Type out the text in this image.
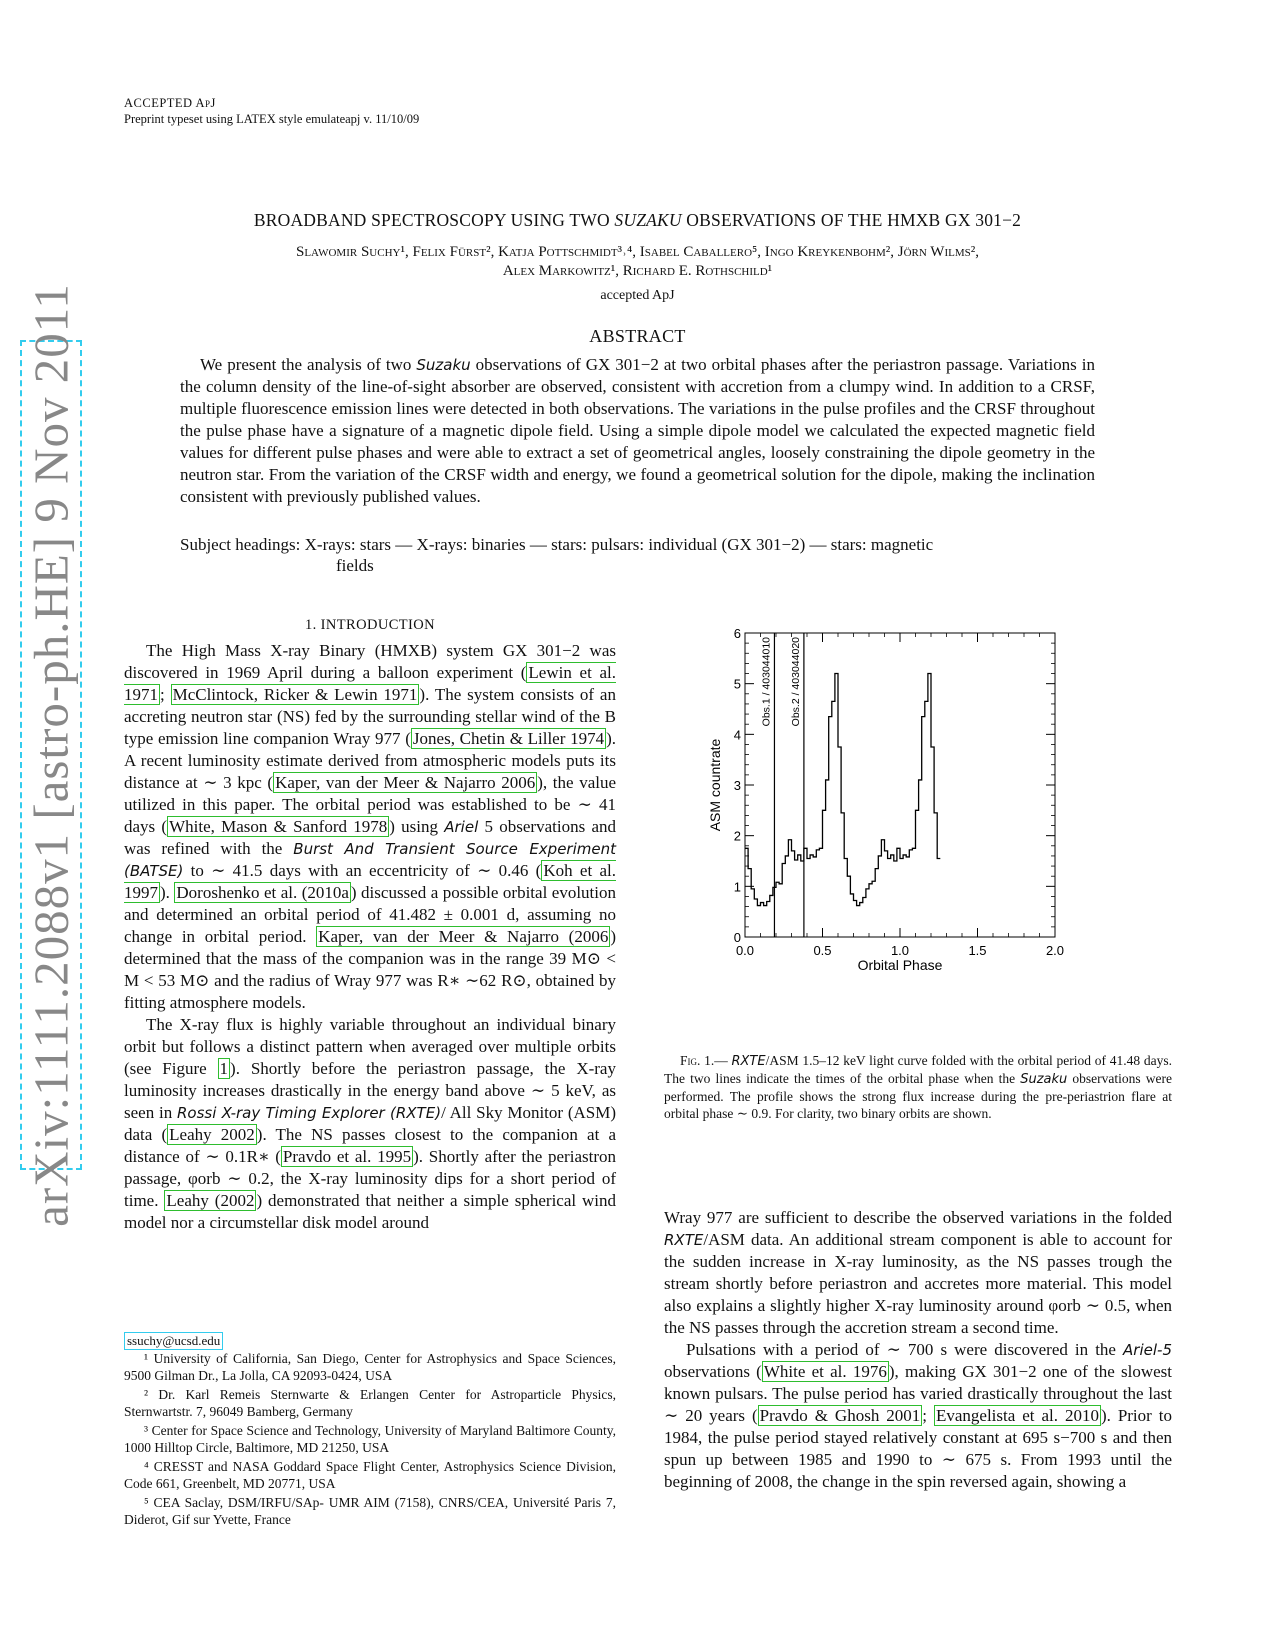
ACCEPTED ApJ
Preprint typeset using LATEX style emulateapj v. 11/10/09
BROADBAND SPECTROSCOPY USING TWO SUZAKU OBSERVATIONS OF THE HMXB GX 301−2
Slawomir Suchy¹, Felix Fürst², Katja Pottschmidt³˒⁴, Isabel Caballero⁵, Ingo Kreykenbohm², Jörn Wilms²,
Alex Markowitz¹, Richard E. Rothschild¹
accepted ApJ
ABSTRACT

We present the analysis of two Suzaku observations of GX 301−2 at two orbital phases after the periastron passage. Variations in the column density of the line-of-sight absorber are observed, consistent with accretion from a clumpy wind. In addition to a CRSF, multiple fluorescence emission lines were detected in both observations. The variations in the pulse profiles and the CRSF throughout the pulse phase have a signature of a magnetic dipole field. Using a simple dipole model we calculated the expected magnetic field values for different pulse phases and were able to extract a set of geometrical angles, loosely constraining the dipole geometry in the neutron star. From the variation of the CRSF width and energy, we found a geometrical solution for the dipole, making the inclination consistent with previously published values.

Subject headings: X-rays: stars — X-rays: binaries — stars: pulsars: individual (GX 301−2) — stars: magnetic
fields
arXiv:1111.2088v1 [astro-ph.HE] 9 Nov 2011	1. INTRODUCTION

The High Mass X-ray Binary (HMXB) system GX 301−2 was discovered in 1969 April during a balloon experiment ( Lewin et al. 1971 ; McClintock, Ricker & Lewin 1971 ). The system consists of an accreting neutron star (NS) fed by the surrounding stellar wind of the B type emission line companion Wray 977 ( Jones, Chetin & Liller 1974 ). A recent luminosity estimate derived from atmospheric models puts its distance at ∼ 3 kpc ( Kaper, van der Meer & Najarro 2006 ), the value utilized in this paper. The orbital period was established to be ∼ 41 days ( White, Mason & Sanford 1978 ) using Ariel 5 observations and was refined with the Burst And Transient Source Experiment (BATSE) to ∼ 41.5 days with an eccentricity of ∼ 0.46 ( Koh et al. 1997 ). Doroshenko et al. (2010a ) discussed a possible orbital evolution and determined an orbital period of 41.482 ± 0.001 d, assuming no change in orbital period. Kaper, van der Meer & Najarro (2006 ) determined that the mass of the companion was in the range 39 M⊙ < M < 53 M⊙ and the radius of Wray 977 was R∗ ∼62 R⊙, obtained by fitting atmosphere models.

The X-ray flux is highly variable throughout an individual binary orbit but follows a distinct pattern when averaged over multiple orbits (see Figure 1 ). Shortly before the periastron passage, the X-ray luminosity increases drastically in the energy band above ∼ 5 keV, as seen in Rossi X-ray Timing Explorer (RXTE)/ All Sky Monitor (ASM) data ( Leahy 2002 ). The NS passes closest to the companion at a distance of ∼ 0.1R∗ ( Pravdo et al. 1995 ). Shortly after the periastron passage, φorb ∼ 0.2, the X-ray luminosity dips for a short period of time. Leahy (2002 ) demonstrated that neither a simple spherical wind model nor a circumstellar disk model around

ssuchy@ucsd.edu

¹ University of California, San Diego, Center for Astrophysics and Space Sciences, 9500 Gilman Dr., La Jolla, CA 92093-0424, USA

² Dr. Karl Remeis Sternwarte & Erlangen Center for Astroparticle Physics, Sternwartstr. 7, 96049 Bamberg, Germany

³ Center for Space Science and Technology, University of Maryland Baltimore County, 1000 Hilltop Circle, Baltimore, MD 21250, USA

⁴ CRESST and NASA Goddard Space Flight Center, Astrophysics Science Division, Code 661, Greenbelt, MD 20771, USA

⁵ CEA Saclay, DSM/IRFU/SAp- UMR AIM (7158), CNRS/CEA, Université Paris 7, Diderot, Gif sur Yvette, France

0
1
2
3
4
5
6
0.0	0.5	1.0	1.5	2.0
Orbital Phase
ASM countrate
Obs.1 / 403044010 Obs.2 / 403044020
Fig. 1.— RXTE/ASM 1.5–12 keV light curve folded with the orbital period of 41.48 days. The two lines indicate the times of the orbital phase when the Suzaku observations were performed. The profile shows the strong flux increase during the pre-periastrion flare at orbital phase ∼ 0.9. For clarity, two binary orbits are shown.

Wray 977 are sufficient to describe the observed variations in the folded RXTE/ASM data. An additional stream component is able to account for the sudden increase in X-ray luminosity, as the NS passes trough the stream shortly before periastron and accretes more material. This model also explains a slightly higher X-ray luminosity around φorb ∼ 0.5, when the NS passes through the accretion stream a second time.

Pulsations with a period of ∼ 700 s were discovered in the Ariel-5 observations ( White et al. 1976 ), making GX 301−2 one of the slowest known pulsars. The pulse period has varied drastically throughout the last ∼ 20 years ( Pravdo & Ghosh 2001 ; Evangelista et al. 2010 ). Prior to 1984, the pulse period stayed relatively constant at 695 s−700 s and then spun up between 1985 and 1990 to ∼ 675 s. From 1993 until the beginning of 2008, the change in the spin reversed again, showing a
